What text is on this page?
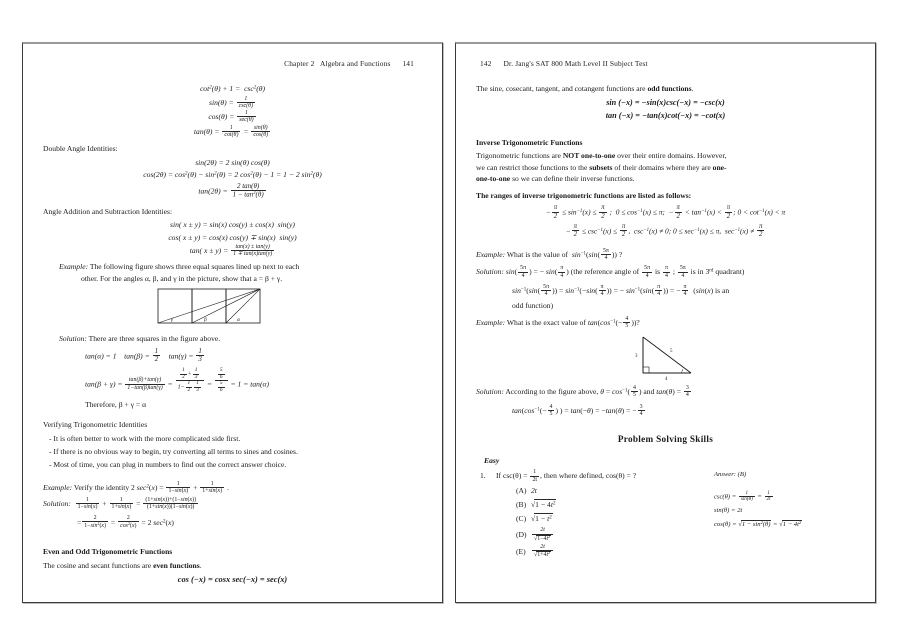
Chapter 2   Algebra and Functions      141
$\cot^2(\theta) + 1 = \csc^2(\theta)$
$\sin(\theta) = \frac{1}{\csc(\theta)}$
$\cos(\theta) = \frac{1}{\sec(\theta)}$
$\tan(\theta) = \frac{1}{\cot(\theta)} = \frac{\sin(\theta)}{\cos(\theta)}$
Double Angle Identities:
sin(2θ) = 2 sin(θ) cos(θ)
$\cos(2\theta) = \cos^2(\theta) - \sin^2(\theta) = 2$ $\cos^2(\theta) - 1 = 1 - 2$ $\sin^2(\theta)$
$\tan(2\theta) = \frac{2 \tan(\theta)}{1 - \tan^2(\theta)}$
Angle Addition and Subtraction Identities:
sin( x ± y) = sin(x) cos(y) ± cos(x)  sin(y)
cos( x ± y) = cos(x) cos(y) ∓ sin(x)  sin(y)
tan( $x \pm y) = \frac{\tan(x) \pm \tan(y)}{1 \mp \tan(x)\tan(y)}$
Example: The following figure shows three equal squares lined up next to each
other. For the angles α, β, and γ in the picture, show that a = β + γ.
γ	β	α
Solution: There are three squares in the figure above.
tan(α) = 1    $\tan(\beta) = \frac{1}{2} \tan(\gamma) = \frac{1}{3}$
$\tan(\beta + \gamma) = \frac{\tan(\beta)+\tan(\gamma)}{1-\tan(\beta)\tan(\gamma)} = \frac{\frac{1}{2} + \frac{1}{3}}{1- \frac{1}{2} \frac{1}{3}} = \frac{\frac{5}{6}}{\frac{5}{6}} = 1 = \tan(\alpha)$
Therefore, β + γ = α
Verifying Trigonometric Identities
- It is often better to work with the more complicated side first.
- If there is no obvious way to begin, try converting all terms to sines and cosines.
- Most of time, you can plug in numbers to find out the correct answer choice.
Example: Verify the identity 2 $\sec^2(x) = \frac{1}{1-\sin(x)} + \frac{1}{1+\sin(x)}$ .
Solution: $\frac{1}{1-\sin(x)} + \frac{1}{1+\sin(x)} = \frac{(1+\sin(x))+(1-\sin(x))}{(1+\sin(x))(1-\sin(x))}$
= $\frac{2}{1-\sin^2(x)} = \frac{2}{\cos^2(x)} = 2$ $\sec^2(x)$
Even and Odd Trigonometric Functions
The cosine and secant functions are even functions.
cos (−x) = cosx sec(−x) = sec(x)
142      Dr. Jang's SAT 800 Math Level II Subject Test
The sine, cosecant, tangent, and cotangent functions are odd functions.
sin (−x) = −sin(x)csc(−x) = −csc(x)
tan (−x) = −tan(x)cot(−x) = −cot(x)
Inverse Trigonometric Functions
Trigonometric functions are NOT one-to-one over their entire domains. However,
we can restrict those functions to the subsets of their domains where they are one-
one-to-one so we can define their inverse functions.
The ranges of inverse trigonometric functions are listed as follows:
− $\frac{\pi}{2} \le \sin^{-1}(x) \le \frac{\pi}{2}$ ;  $0 \le \cos^{-1}(x) \le \pi$;  − $\frac{\pi}{2} < \tan^{-1}(x) < \frac{\pi}{2}$ ; $0 < \cot^{-1}(x) < \pi$
− $\frac{\pi}{2} \le \csc^{-1}(x) \le \frac{\pi}{2}$ ,  $\csc^{-1}(x) \ne 0$; $0 \le \sec^{-1}(x) \le \pi$,  $\sec^{-1}(x) \ne \frac{\pi}{2}$
Example: What is the value of  $\sin^{-1}(\sin( \frac{5\pi}{4}$ )) ?
Solution: $\sin( \frac{5\pi}{4}$ ) = − $\sin( \frac{\pi}{4}$ ) (the reference angle of $\frac{5\pi}{4}$ is $\frac{\pi}{4}$ ; $\frac{5\pi}{4}$ is in 3rd quadrant)
$\sin^{-1}(\sin( \frac{5\pi}{4}$ )) = $\sin^{-1}(-\sin( \frac{\pi}{4}$ )) = − $\sin^{-1}(\sin( \frac{\pi}{4}$ )) = − $\frac{\pi}{4} (\sin(x)$ is an
odd function)
Example: What is the exact value of $\tan(\cos^{-1}(- \frac{4}{5}$ ))?
3
4
5
Solution: According to the figure above, $\theta = \cos^{-1}( \frac{4}{5}$ ) and $\tan(\theta) = \frac{3}{4}$
$\tan(\cos^{-1}(- \frac{4}{5}$ ) ) = tan(−θ) = −tan(θ) = − $\frac{3}{4}$
Problem Solving Skills
Easy
1. If $\csc(\theta) = \frac{1}{2t}$ , then where defined, cos(θ) = ?
(A) 2t
(B) $√1 - 4t^2$
(C) $√1 - t^2$
$(D) \frac{2t}{√1-4t^2}$
$(E) \frac{2t}{√1+4t^2}$
Answer: (B)
$\csc(\theta) = \frac{1}{\sin(\theta)} = \frac{1}{2t}$
sin(θ) = 2t
$\cos(\theta) = √1 - \sin^2(\theta) = √1 - 4t^2$
